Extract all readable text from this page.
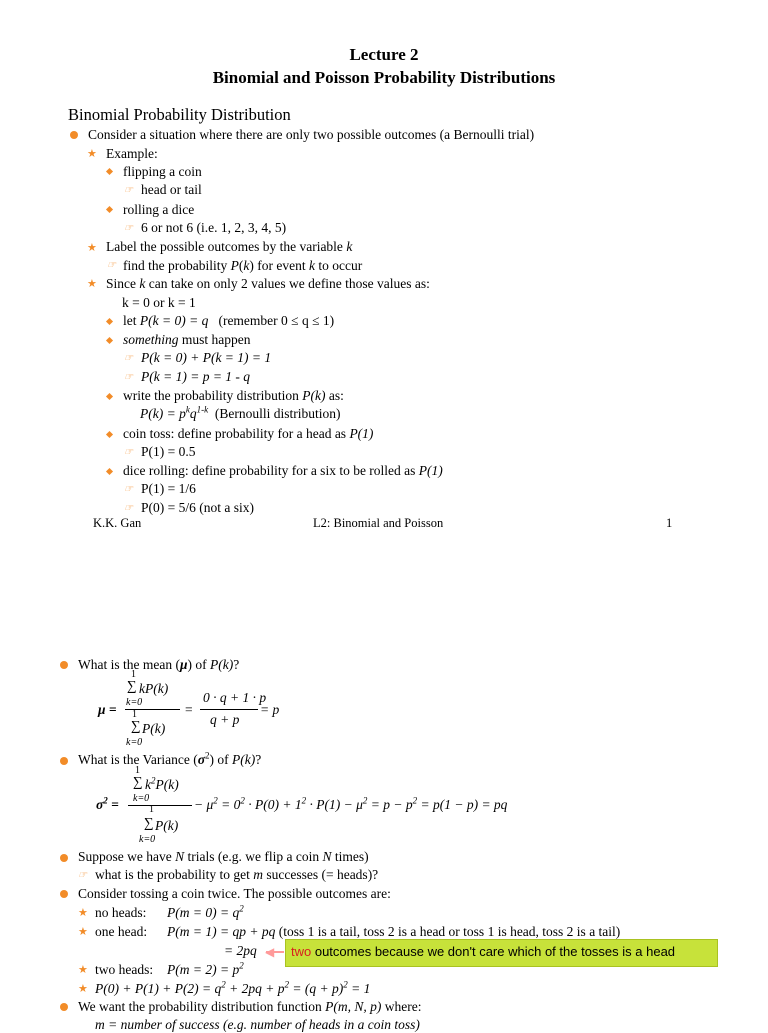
Lecture 2
Binomial and Poisson Probability Distributions
Binomial Probability Distribution
Consider a situation where there are only two possible outcomes (a Bernoulli trial)
★ Example:
flipping a coin
☞ head or tail
rolling a dice
☞ 6 or not 6 (i.e. 1, 2, 3, 4, 5)
★ Label the possible outcomes by the variable k
☞ find the probability P(k) for event k to occur
★ Since k can take on only 2 values we define those values as:
k = 0 or k = 1
let P(k = 0) = q (remember 0 ≤ q ≤ 1)
something must happen
☞ P(k = 0) + P(k = 1) = 1
☞ P(k = 1) = p = 1 - q
write the probability distribution P(k) as:
$P(k) = p^kq^{1-k}$ (Bernoulli distribution)
coin toss: define probability for a head as P(1)
☞ P(1) = 0.5
dice rolling: define probability for a six to be rolled as P(1)
☞ P(1) = 1/6
☞ P(0) = 5/6 (not a six)
K.K. Gan	L2: Binomial and Poisson	1
What is the mean (μ) of P(k)?
μ =
1
∑ kP(k)
k=0
1
∑ P(k)
k=0
=
0 · q + 1 · p
q + p
= p
What is the Variance $(\sigma^2)$ of P(k)?
$\sigma^2$ =
1
∑ $k^2P(k)$
k=0
1
∑ P(k)
k=0
− $\mu^2 = 0^2 \cdot P(0) + 1^2 \cdot P(1) - \mu^2 = p - p^2 = p(1 - p)$ = pq
Suppose we have N trials (e.g. we flip a coin N times)
☞ what is the probability to get m successes (= heads)?
Consider tossing a coin twice. The possible outcomes are:
★ no heads: $P(m = 0) = q^2$
★ one head: P(m = 1) = qp + pq (toss 1 is a tail, toss 2 is a head or toss 1 is head, toss 2 is a tail)
= 2pq ◀ two outcomes because we don't care which of the tosses is a head
★ two heads: $P(m = 2) = p^2$
★ $P(0) + P(1) + P(2) = q^2 + 2pq + p^2 = (q + p)^2 = 1$
We want the probability distribution function P(m, N, p) where:
m = number of success (e.g. number of heads in a coin toss)
